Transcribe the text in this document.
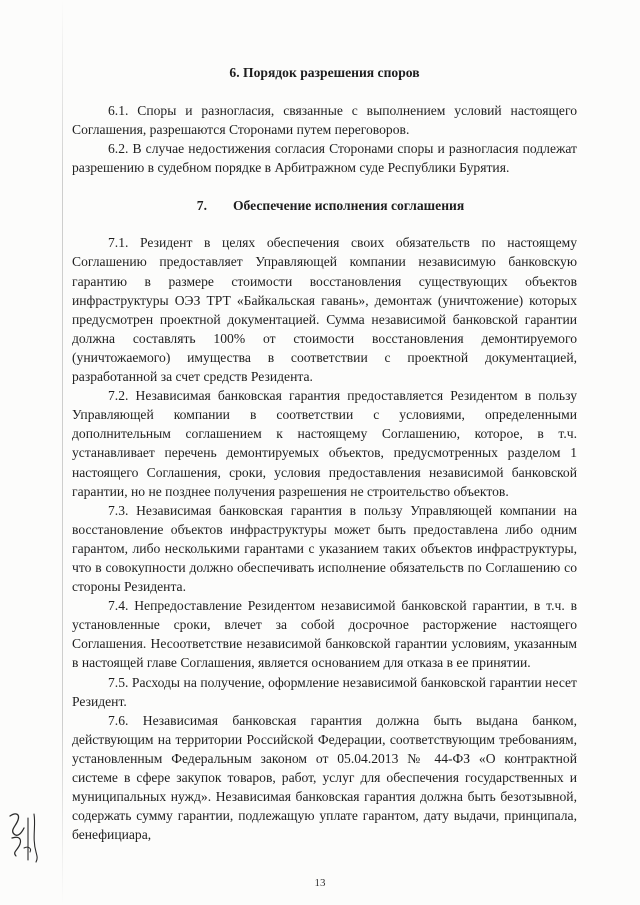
6. Порядок разрешения споров

6.1. Споры и разногласия, связанные с выполнением условий настоящего Соглашения, разрешаются Сторонами путем переговоров.

6.2. В случае недостижения согласия Сторонами споры и разногласия подлежат разрешению в судебном порядке в Арбитражном суде Республики Бурятия.

7. Обеспечение исполнения соглашения

7.1. Резидент в целях обеспечения своих обязательств по настоящему Соглашению предоставляет Управляющей компании независимую банковскую гарантию в размере стоимости восстановления существующих объектов инфраструктуры ОЭЗ ТРТ «Байкальская гавань», демонтаж (уничтожение) которых предусмотрен проектной документацией. Сумма независимой банковской гарантии должна составлять 100% от стоимости восстановления демонтируемого (уничтожаемого) имущества в соответствии с проектной документацией, разработанной за счет средств Резидента.

7.2. Независимая банковская гарантия предоставляется Резидентом в пользу Управляющей компании в соответствии с условиями, определенными дополнительным соглашением к настоящему Соглашению, которое, в т.ч. устанавливает перечень демонтируемых объектов, предусмотренных разделом 1 настоящего Соглашения, сроки, условия предоставления независимой банковской гарантии, но не позднее получения разрешения не строительство объектов.

7.3. Независимая банковская гарантия в пользу Управляющей компании на восстановление объектов инфраструктуры может быть предоставлена либо одним гарантом, либо несколькими гарантами с указанием таких объектов инфраструктуры, что в совокупности должно обеспечивать исполнение обязательств по Соглашению со стороны Резидента.

7.4. Непредоставление Резидентом независимой банковской гарантии, в т.ч. в установленные сроки, влечет за собой досрочное расторжение настоящего Соглашения. Несоответствие независимой банковской гарантии условиям, указанным в настоящей главе Соглашения, является основанием для отказа в ее принятии.

7.5. Расходы на получение, оформление независимой банковской гарантии несет Резидент.

7.6. Независимая банковская гарантия должна быть выдана банком, действующим на территории Российской Федерации, соответствующим требованиям, установленным Федеральным законом от 05.04.2013 № 44-ФЗ «О контрактной системе в сфере закупок товаров, работ, услуг для обеспечения государственных и муниципальных нужд». Независимая банковская гарантия должна быть безотзывной, содержать сумму гарантии, подлежащую уплате гарантом, дату выдачи, принципала, бенефициара,

13
